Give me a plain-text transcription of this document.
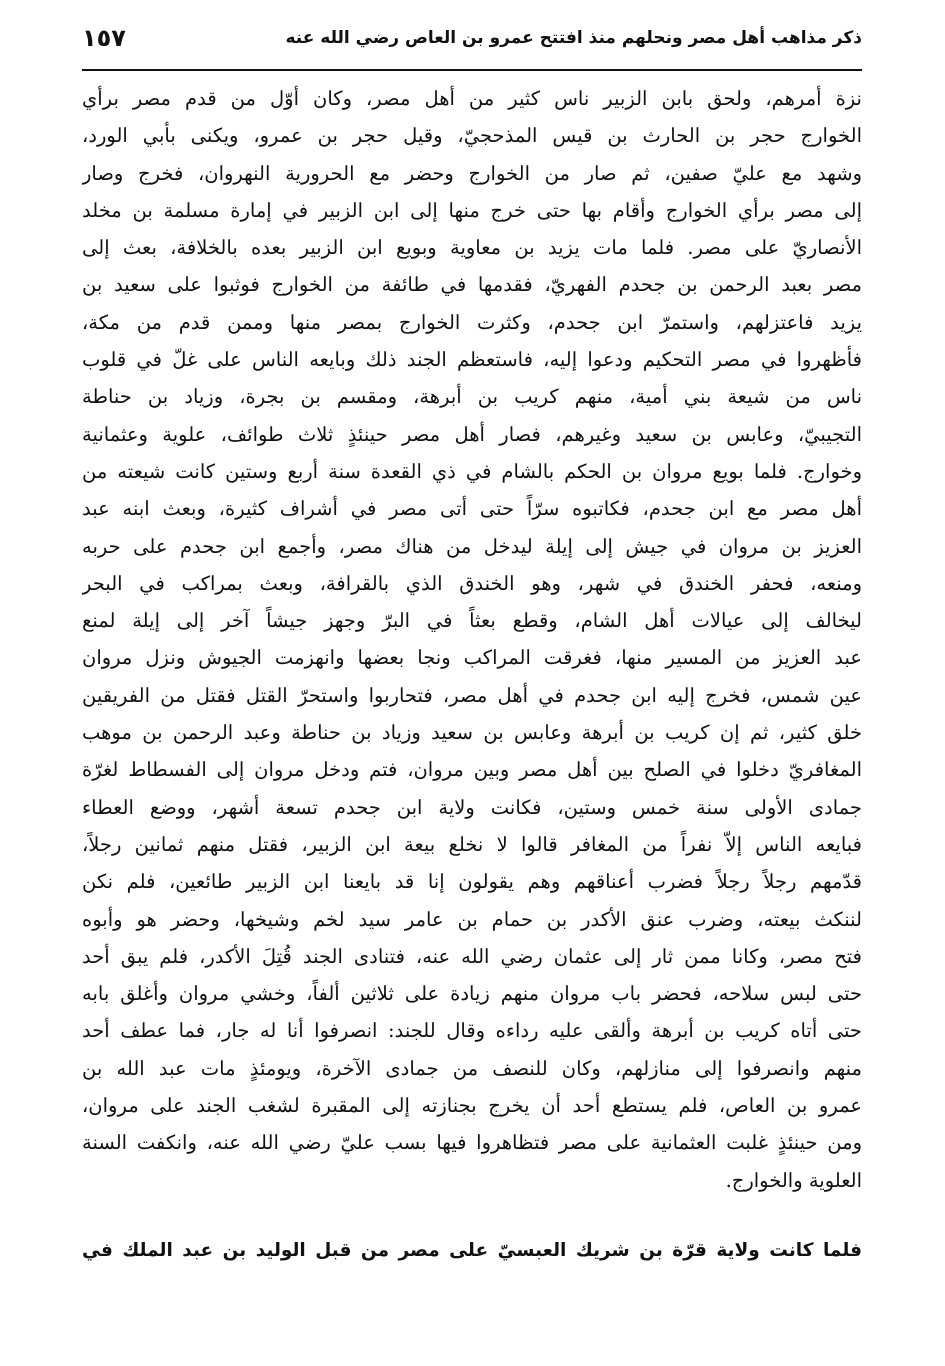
ذكر مذاهب أهل مصر ونحلهم منذ افتتح عمرو بن العاص رضي الله عنه
١٥٧
نزة أمرهم، ولحق بابن الزبير ناس كثير من أهل مصر، وكان أوّل من قدم مصر برأي
الخوارج حجر بن الحارث بن قيس المذحجيّ، وقيل حجر بن عمرو، ويكنى بأبي الورد،
وشهد مع عليّ صفين، ثم صار من الخوارج وحضر مع الحرورية النهروان، فخرج وصار
إلى مصر برأي الخوارج وأقام بها حتى خرج منها إلى ابن الزبير في إمارة مسلمة بن مخلد
الأنصاريّ على مصر. فلما مات يزيد بن معاوية وبويع ابن الزبير بعده بالخلافة، بعث إلى
مصر بعبد الرحمن بن جحدم الفهريّ، فقدمها في طائفة من الخوارج فوثبوا على سعيد بن
يزيد فاعتزلهم، واستمرّ ابن جحدم، وكثرت الخوارج بمصر منها وممن قدم من مكة،
فأظهروا في مصر التحكيم ودعوا إليه، فاستعظم الجند ذلك وبايعه الناس على غلّ في قلوب
ناس من شيعة بني أمية، منهم كريب بن أبرهة، ومقسم بن بجرة، وزياد بن حناطة
التجيبيّ، وعابس بن سعيد وغيرهم، فصار أهل مصر حينئذٍ ثلاث طوائف، علوية وعثمانية
وخوارج. فلما بويع مروان بن الحكم بالشام في ذي القعدة سنة أربع وستين كانت شيعته من
أهل مصر مع ابن جحدم، فكاتبوه سرّاً حتى أتى مصر في أشراف كثيرة، وبعث ابنه عبد
العزيز بن مروان في جيش إلى إيلة ليدخل من هناك مصر، وأجمع ابن جحدم على حربه
ومنعه، فحفر الخندق في شهر، وهو الخندق الذي بالقرافة، وبعث بمراكب في البحر
ليخالف إلى عيالات أهل الشام، وقطع بعثاً في البرّ وجهز جيشاً آخر إلى إيلة لمنع
عبد العزيز من المسير منها، فغرقت المراكب ونجا بعضها وانهزمت الجيوش ونزل مروان
عين شمس، فخرج إليه ابن جحدم في أهل مصر، فتحاربوا واستحرّ القتل فقتل من الفريقين
خلق كثير، ثم إن كريب بن أبرهة وعابس بن سعيد وزياد بن حناطة وعبد الرحمن بن موهب
المغافريّ دخلوا في الصلح بين أهل مصر وبين مروان، فتم ودخل مروان إلى الفسطاط لغرّة
جمادى الأولى سنة خمس وستين، فكانت ولاية ابن جحدم تسعة أشهر، ووضع العطاء
فبايعه الناس إلاّ نفراً من المغافر قالوا لا نخلع بيعة ابن الزبير، فقتل منهم ثمانين رجلاً،
قدّمهم رجلاً رجلاً فضرب أعناقهم وهم يقولون إنا قد بايعنا ابن الزبير طائعين، فلم نكن
لننكث بيعته، وضرب عنق الأكدر بن حمام بن عامر سيد لخم وشيخها، وحضر هو وأبوه
فتح مصر، وكانا ممن ثار إلى عثمان رضي الله عنه، فتنادى الجند قُتِلَ الأكدر، فلم يبق أحد
حتى لبس سلاحه، فحضر باب مروان منهم زيادة على ثلاثين ألفاً، وخشي مروان وأغلق بابه
حتى أتاه كريب بن أبرهة وألقى عليه رداءه وقال للجند: انصرفوا أنا له جار، فما عطف أحد
منهم وانصرفوا إلى منازلهم، وكان للنصف من جمادى الآخرة، ويومئذٍ مات عبد الله بن
عمرو بن العاص، فلم يستطع أحد أن يخرج بجنازته إلى المقبرة لشغب الجند على مروان،
ومن حينئذٍ غلبت العثمانية على مصر فتظاهروا فيها بسب عليّ رضي الله عنه، وانكفت السنة
العلوية والخوارج.
فلما كانت ولاية قرّة بن شريك العبسيّ على مصر من قبل الوليد بن عبد الملك في
